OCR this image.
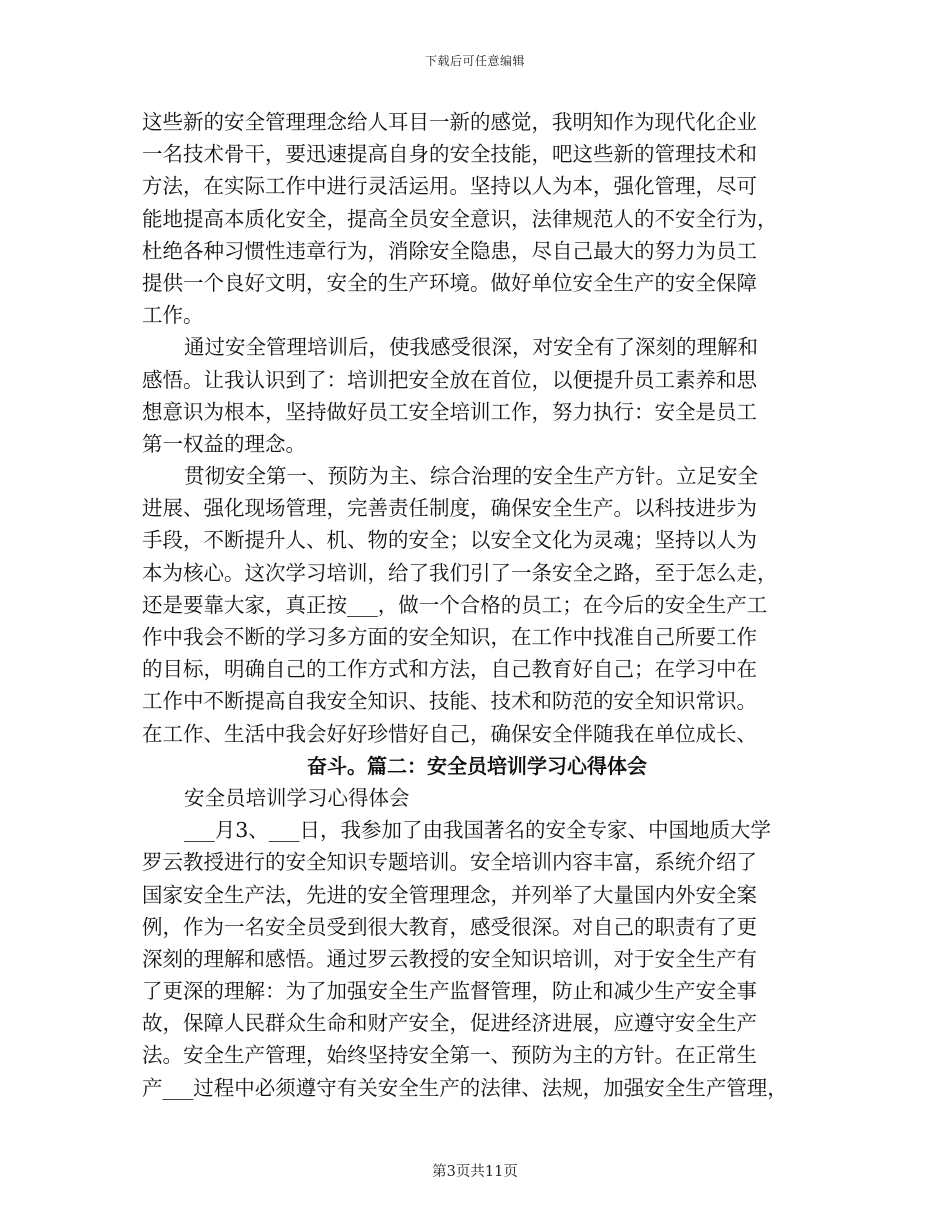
下载后可任意编辑
这些新的安全管理理念给人耳目一新的感觉，我明知作为现代化企业
一名技术骨干，要迅速提高自身的安全技能，吧这些新的管理技术和
方法，在实际工作中进行灵活运用。坚持以人为本，强化管理，尽可
能地提高本质化安全，提高全员安全意识，法律规范人的不安全行为，
杜绝各种习惯性违章行为，消除安全隐患，尽自己最大的努力为员工
提供一个良好文明，安全的生产环境。做好单位安全生产的安全保障
工作。
通过安全管理培训后，使我感受很深，对安全有了深刻的理解和
感悟。让我认识到了：培训把安全放在首位，以便提升员工素养和思
想意识为根本，坚持做好员工安全培训工作，努力执行：安全是员工
第一权益的理念。
贯彻安全第一、预防为主、综合治理的安全生产方针。立足安全
进展、强化现场管理，完善责任制度，确保安全生产。以科技进步为
手段，不断提升人、机、物的安全；以安全文化为灵魂；坚持以人为
本为核心。这次学习培训，给了我们引了一条安全之路，至于怎么走，
还是要靠大家，真正按___，做一个合格的员工；在今后的安全生产工
作中我会不断的学习多方面的安全知识，在工作中找准自己所要工作
的目标，明确自己的工作方式和方法，自己教育好自己；在学习中在
工作中不断提高自我安全知识、技能、技术和防范的安全知识常识。
在工作、生活中我会好好珍惜好自己，确保安全伴随我在单位成长、
奋斗。篇二：安全员培训学习心得体会
安全员培训学习心得体会
___月3、___日，我参加了由我国著名的安全专家、中国地质大学
罗云教授进行的安全知识专题培训。安全培训内容丰富，系统介绍了
国家安全生产法，先进的安全管理理念，并列举了大量国内外安全案
例，作为一名安全员受到很大教育，感受很深。对自己的职责有了更
深刻的理解和感悟。通过罗云教授的安全知识培训，对于安全生产有
了更深的理解：为了加强安全生产监督管理，防止和减少生产安全事
故，保障人民群众生命和财产安全，促进经济进展，应遵守安全生产
法。安全生产管理，始终坚持安全第一、预防为主的方针。在正常生
产___过程中必须遵守有关安全生产的法律、法规，加强安全生产管理，
第3页共11页
